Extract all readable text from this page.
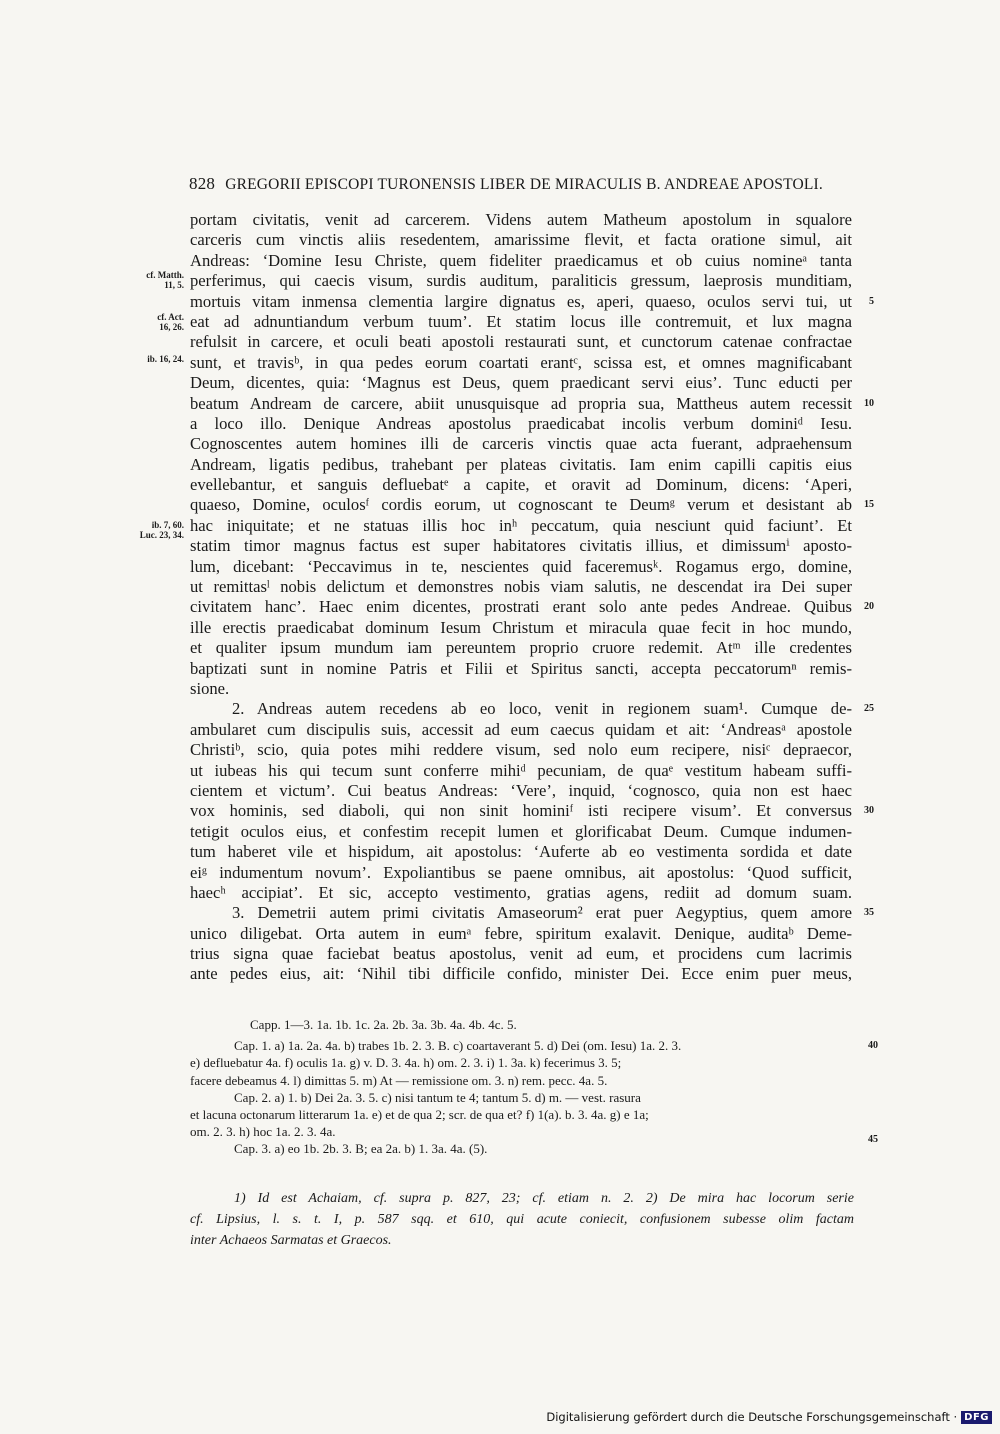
828 GREGORII EPISCOPI TURONENSIS LIBER DE MIRACULIS B. ANDREAE APOSTOLI.
cf. Matth.
11, 5.
cf. Act.
16, 26.
ib. 16, 24.
ib. 7, 60.
Luc. 23, 34.
portam civitatis, venit ad carcerem. Videns autem Matheum apostolum in squalore
carceris cum vinctis aliis resedentem, amarissime flevit, et facta oratione simul, ait
Andreas: ‘Domine Iesu Christe, quem fideliter praedicamus et ob cuius nomineᵃ tanta
perferimus, qui caecis visum, surdis auditum, paraliticis gressum, laeprosis munditiam,
mortuis vitam inmensa clementia largire dignatus es, aperi, quaeso, oculos servi tui, ut 5
eat ad adnuntiandum verbum tuum’. Et statim locus ille contremuit, et lux magna
refulsit in carcere, et oculi beati apostoli restaurati sunt, et cunctorum catenae confractae
sunt, et travisᵇ, in qua pedes eorum coartati erantᶜ, scissa est, et omnes magnificabant
Deum, dicentes, quia: ‘Magnus est Deus, quem praedicant servi eius’. Tunc educti per
beatum Andream de carcere, abiit unusquisque ad propria sua, Mattheus autem recessit 10
a loco illo. Denique Andreas apostolus praedicabat incolis verbum dominiᵈ Iesu.
Cognoscentes autem homines illi de carceris vinctis quae acta fuerant, adpraehensum
Andream, ligatis pedibus, trahebant per plateas civitatis. Iam enim capilli capitis eius
evellebantur, et sanguis defluebatᵉ a capite, et oravit ad Dominum, dicens: ‘Aperi,
quaeso, Domine, oculosᶠ cordis eorum, ut cognoscant te Deumᵍ verum et desistant ab 15
hac iniquitate; et ne statuas illis hoc inʰ peccatum, quia nesciunt quid faciunt’. Et
statim timor magnus factus est super habitatores civitatis illius, et dimissumⁱ aposto-
lum, dicebant: ‘Peccavimus in te, nescientes quid faceremusᵏ. Rogamus ergo, domine,
ut remittasˡ nobis delictum et demonstres nobis viam salutis, ne descendat ira Dei super
civitatem hanc’. Haec enim dicentes, prostrati erant solo ante pedes Andreae. Quibus 20
ille erectis praedicabat dominum Iesum Christum et miracula quae fecit in hoc mundo,
et qualiter ipsum mundum iam pereuntem proprio cruore redemit. Atᵐ ille credentes
baptizati sunt in nomine Patris et Filii et Spiritus sancti, accepta peccatorumⁿ remis-
sione.
2. Andreas autem recedens ab eo loco, venit in regionem suam¹. Cumque de- 25
ambularet cum discipulis suis, accessit ad eum caecus quidam et ait: ‘Andreasᵃ apostole
Christiᵇ, scio, quia potes mihi reddere visum, sed nolo eum recipere, nisiᶜ depraecor,
ut iubeas his qui tecum sunt conferre mihiᵈ pecuniam, de quaᵉ vestitum habeam suffi-
cientem et victum’. Cui beatus Andreas: ‘Vere’, inquid, ‘cognosco, quia non est haec
vox hominis, sed diaboli, qui non sinit hominiᶠ isti recipere visum’. Et conversus 30
tetigit oculos eius, et confestim recepit lumen et glorificabat Deum. Cumque indumen-
tum haberet vile et hispidum, ait apostolus: ‘Auferte ab eo vestimenta sordida et date
eiᵍ indumentum novum’. Expoliantibus se paene omnibus, ait apostolus: ‘Quod sufficit,
haecʰ accipiat’. Et sic, accepto vestimento, gratias agens, rediit ad domum suam.
3. Demetrii autem primi civitatis Amaseorum² erat puer Aegyptius, quem amore 35
unico diligebat. Orta autem in eumᵃ febre, spiritum exalavit. Denique, auditaᵇ Deme-
trius signa quae faciebat beatus apostolus, venit ad eum, et procidens cum lacrimis
ante pedes eius, ait: ‘Nihil tibi difficile confido, minister Dei. Ecce enim puer meus,
Capp. 1—3. 1a. 1b. 1c. 2a. 2b. 3a. 3b. 4a. 4b. 4c. 5.
Cap. 1. a) 1a. 2a. 4a. b) trabes 1b. 2. 3. B. c) coartaverant 5. d) Dei (om. Iesu) 1a. 2. 3.
e) defluebatur 4a. f) oculis 1a. g) v. D. 3. 4a. h) om. 2. 3. i) 1. 3a. k) fecerimus 3. 5;
40
facere debeamus 4. l) dimittas 5. m) At — remissione om. 3. n) rem. pecc. 4a. 5.
Cap. 2. a) 1. b) Dei 2a. 3. 5. c) nisi tantum te 4; tantum 5. d) m. — vest. rasura
et lacuna octonarum litterarum 1a. e) et de qua 2; scr. de qua et? f) 1(a). b. 3. 4a. g) e 1a;
om. 2. 3. h) hoc 1a. 2. 3. 4a.
45
Cap. 3. a) eo 1b. 2b. 3. B; ea 2a. b) 1. 3a. 4a. (5).
1) Id est Achaiam, cf. supra p. 827, 23; cf. etiam n. 2. 2) De mira hac locorum serie
cf. Lipsius, l. s. t. I, p. 587 sqq. et 610, qui acute coniecit, confusionem subesse olim factam
inter Achaeos Sarmatas et Graecos.
Digitalisierung gefördert durch die Deutsche Forschungsgemeinschaft · DFG
